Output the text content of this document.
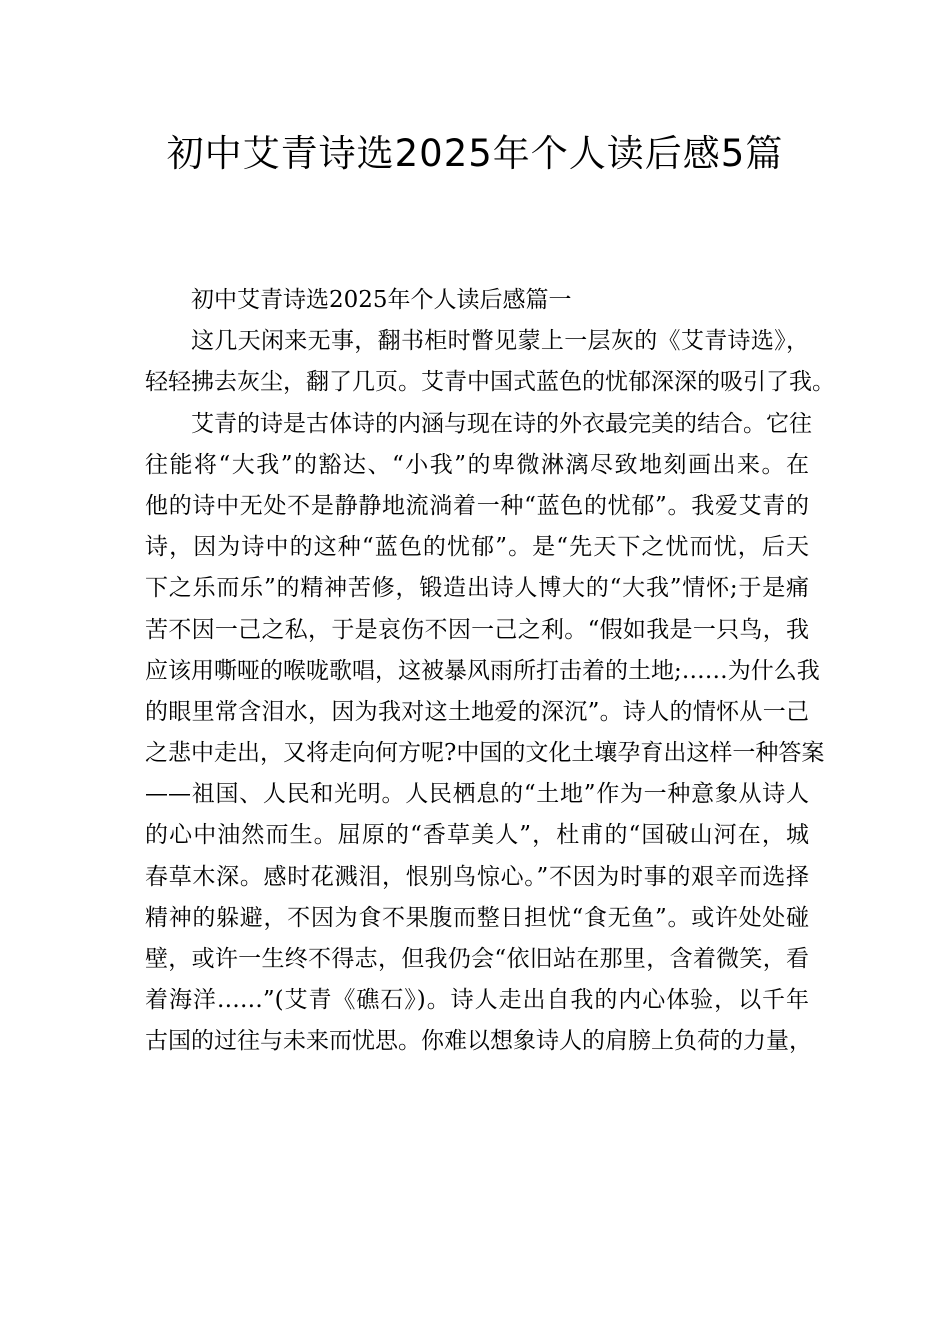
初中艾青诗选2025年个人读后感5篇
初中艾青诗选2025年个人读后感篇一
这几天闲来无事，翻书柜时瞥见蒙上一层灰的《艾青诗选》，
轻轻拂去灰尘，翻了几页。艾青中国式蓝色的忧郁深深的吸引了我。
艾青的诗是古体诗的内涵与现在诗的外衣最完美的结合。它往
往能将“大我”的豁达、“小我”的卑微淋漓尽致地刻画出来。在
他的诗中无处不是静静地流淌着一种“蓝色的忧郁”。我爱艾青的
诗，因为诗中的这种“蓝色的忧郁”。是“先天下之忧而忧，后天
下之乐而乐”的精神苦修，锻造出诗人博大的“大我”情怀;于是痛
苦不因一己之私，于是哀伤不因一己之利。“假如我是一只鸟，我
应该用嘶哑的喉咙歌唱，这被暴风雨所打击着的土地;……为什么我
的眼里常含泪水，因为我对这土地爱的深沉”。诗人的情怀从一己
之悲中走出，又将走向何方呢?中国的文化土壤孕育出这样一种答案
——祖国、人民和光明。人民栖息的“土地”作为一种意象从诗人
的心中油然而生。屈原的“香草美人”，杜甫的“国破山河在，城
春草木深。感时花溅泪，恨别鸟惊心。”不因为时事的艰辛而选择
精神的躲避，不因为食不果腹而整日担忧“食无鱼”。或许处处碰
壁，或许一生终不得志，但我仍会“依旧站在那里，含着微笑，看
着海洋……”(艾青《礁石》)。诗人走出自我的内心体验，以千年
古国的过往与未来而忧思。你难以想象诗人的肩膀上负荷的力量，
